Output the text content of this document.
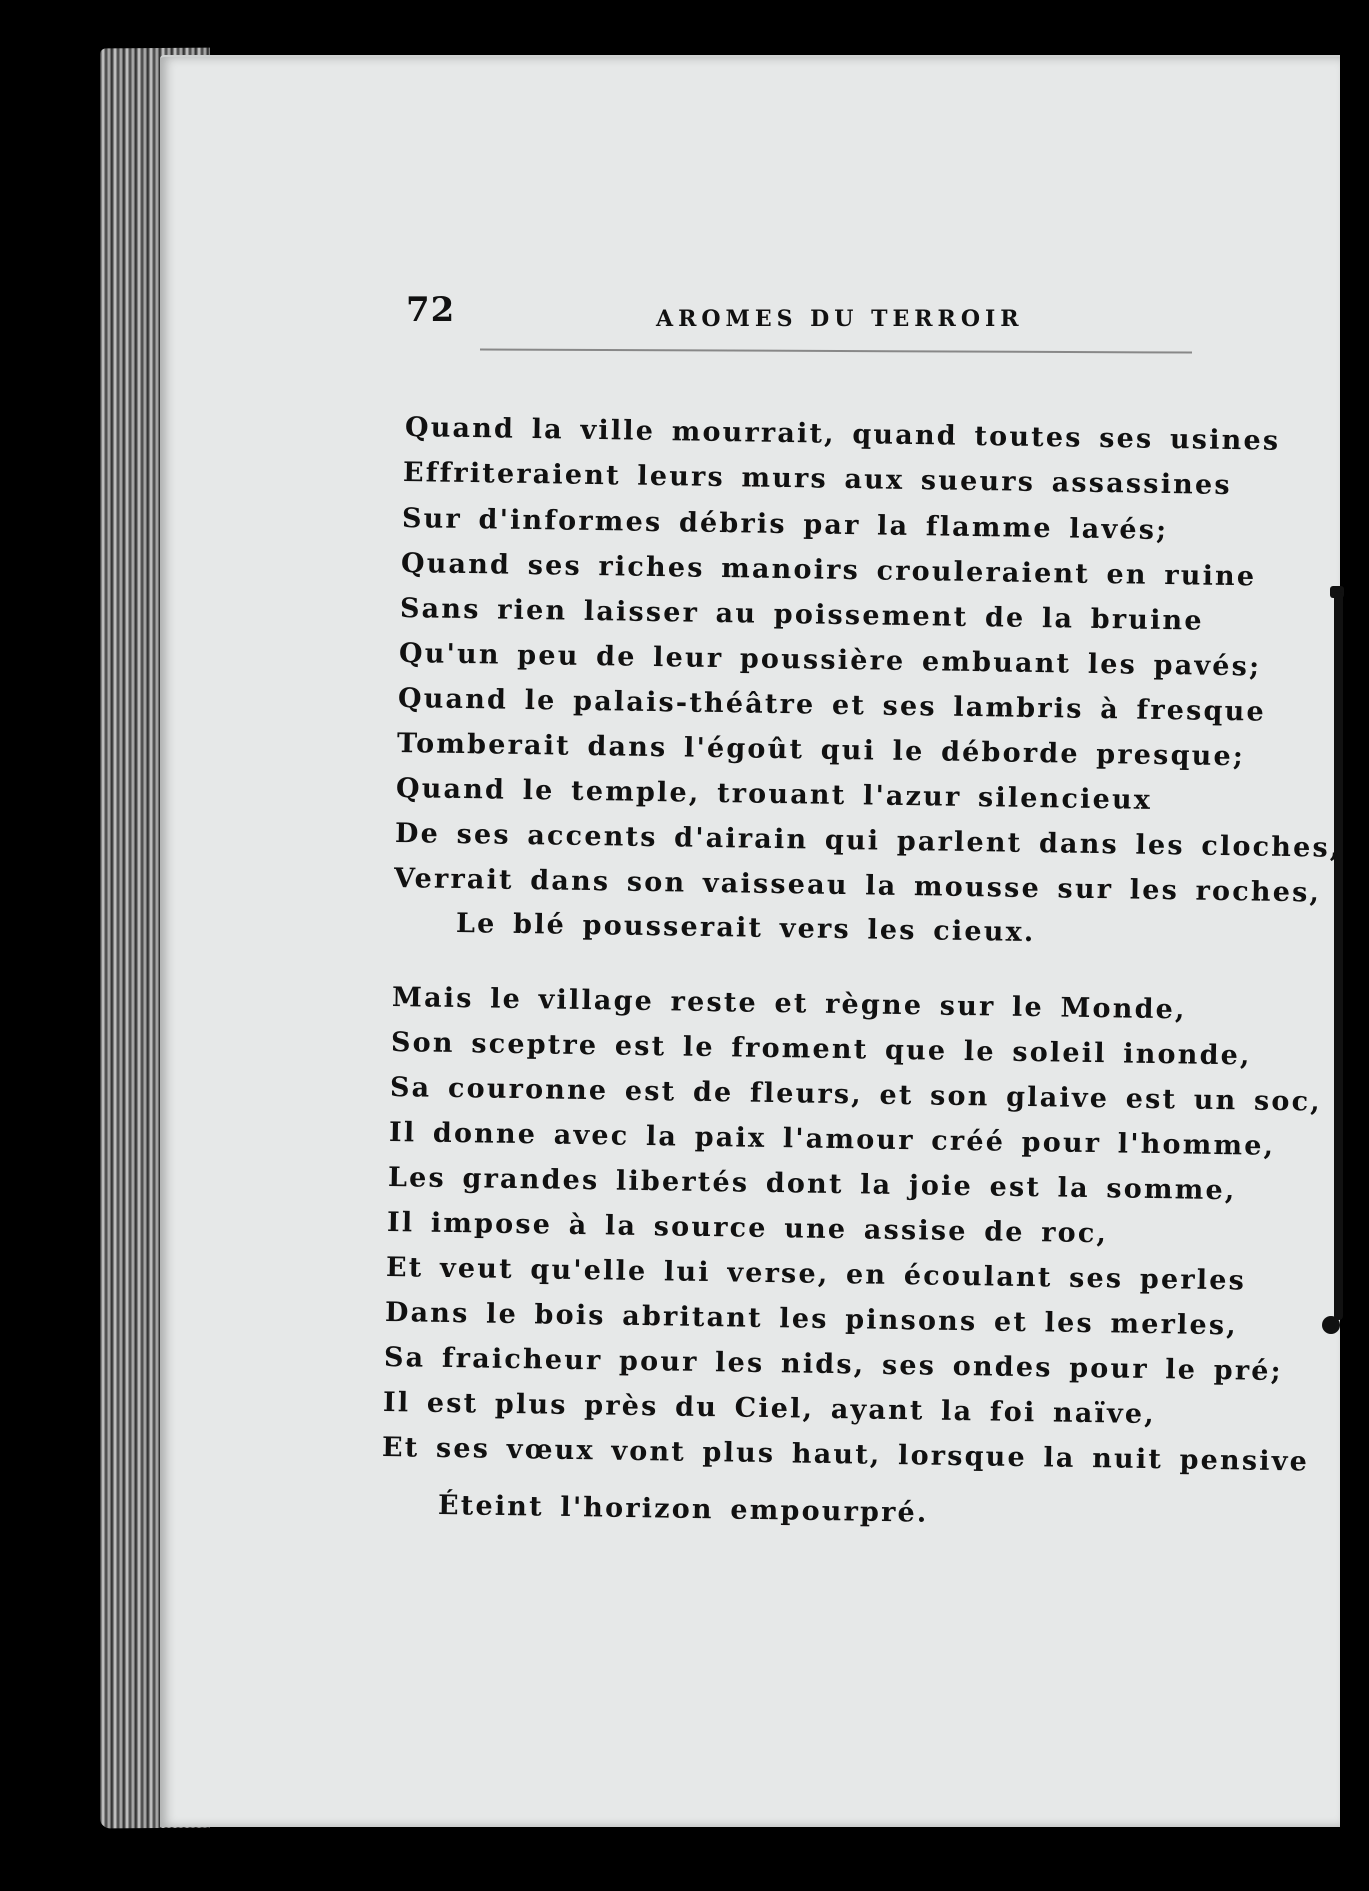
72	AROMES DU TERROIR
Quand la ville mourrait, quand toutes ses usines
Effriteraient leurs murs aux sueurs assassines
Sur d'informes débris par la flamme lavés;
Quand ses riches manoirs crouleraient en ruine
Sans rien laisser au poissement de la bruine
Qu'un peu de leur poussière embuant les pavés;
Quand le palais-théâtre et ses lambris à fresque
Tomberait dans l'égoût qui le déborde presque;
Quand le temple, trouant l'azur silencieux
De ses accents d'airain qui parlent dans les cloches,
Verrait dans son vaisseau la mousse sur les roches,
Le blé pousserait vers les cieux.
Mais le village reste et règne sur le Monde,
Son sceptre est le froment que le soleil inonde,
Sa couronne est de fleurs, et son glaive est un soc,
Il donne avec la paix l'amour créé pour l'homme,
Les grandes libertés dont la joie est la somme,
Il impose à la source une assise de roc,
Et veut qu'elle lui verse, en écoulant ses perles
Dans le bois abritant les pinsons et les merles,
Sa fraicheur pour les nids, ses ondes pour le pré;
Il est plus près du Ciel, ayant la foi naïve,
Et ses vœux vont plus haut, lorsque la nuit pensive
Éteint l'horizon empourpré.
